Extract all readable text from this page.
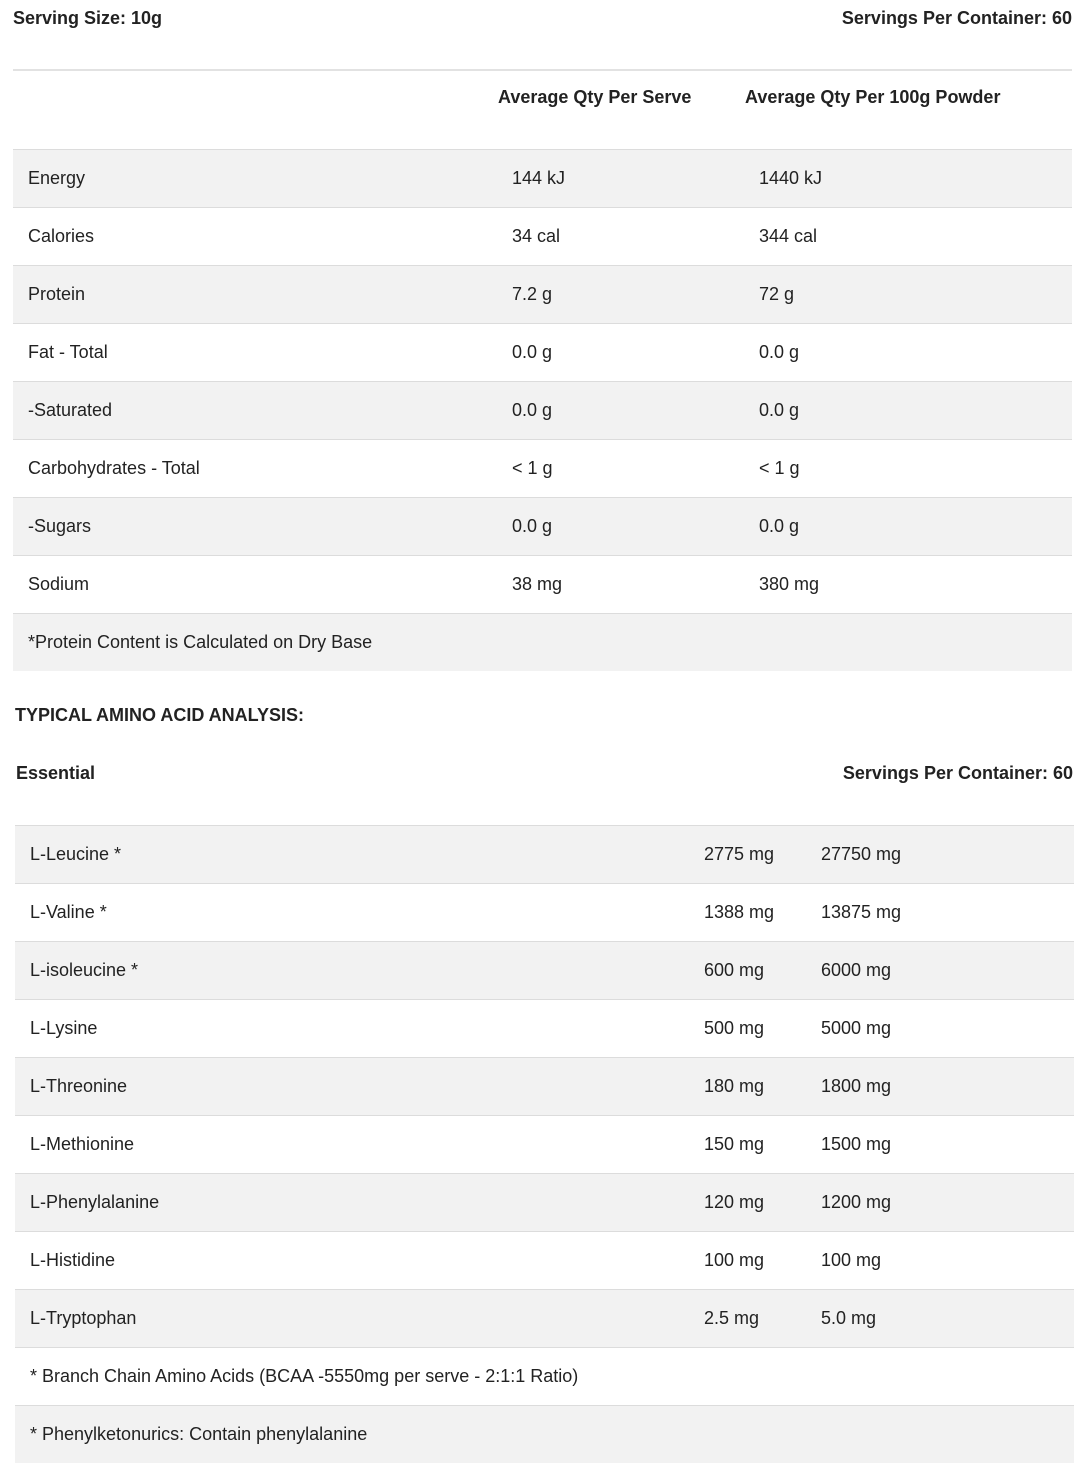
Serving Size: 10g	Servings Per Container: 60
Average Qty Per Serve	Average Qty Per 100g Powder
Energy	144 kJ	1440 kJ
Calories	34 cal	344 cal
Protein	7.2 g	72 g
Fat - Total	0.0 g	0.0 g
-Saturated	0.0 g	0.0 g
Carbohydrates - Total	< 1 g	< 1 g
-Sugars	0.0 g	0.0 g
Sodium	38 mg	380 mg
*Protein Content is Calculated on Dry Base
TYPICAL AMINO ACID ANALYSIS:
Essential	Servings Per Container: 60
L-Leucine *	2775 mg	27750 mg
L-Valine *	1388 mg	13875 mg
L-isoleucine *	600 mg	6000 mg
L-Lysine	500 mg	5000 mg
L-Threonine	180 mg	1800 mg
L-Methionine	150 mg	1500 mg
L-Phenylalanine	120 mg	1200 mg
L-Histidine	100 mg	100 mg
L-Tryptophan	2.5 mg	5.0 mg
* Branch Chain Amino Acids (BCAA -5550mg per serve - 2:1:1 Ratio)
* Phenylketonurics: Contain phenylalanine
